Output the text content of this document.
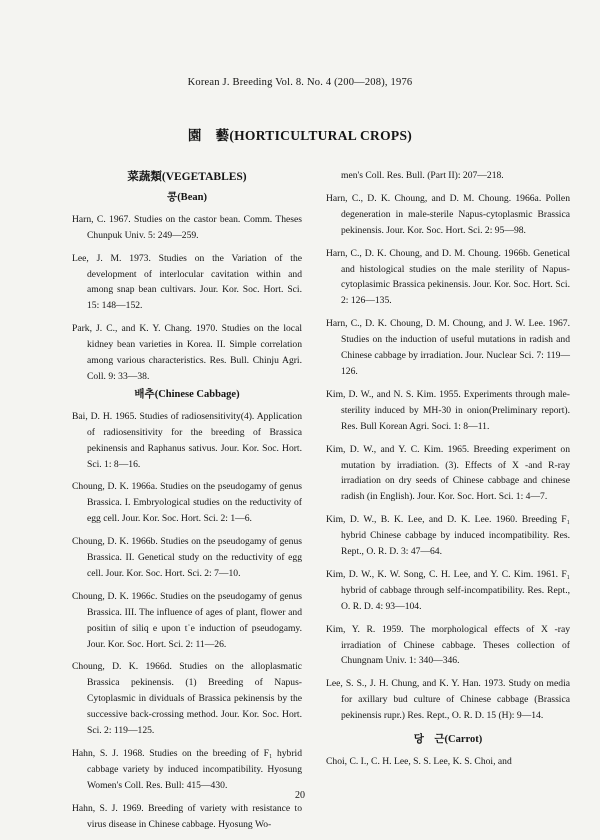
Korean J. Breeding Vol. 8. No. 4 (200—208), 1976
園　藝(HORTICULTURAL CROPS)
菜蔬類(VEGETABLES)
콩(Bean)
Harn, C. 1967. Studies on the castor bean. Comm. Theses Chunpuk Univ. 5: 249—259.
Lee, J. M. 1973. Studies on the Variation of the development of interlocular cavitation within and among snap bean cultivars. Jour. Kor. Soc. Hort. Sci. 15: 148—152.
Park, J. C., and K. Y. Chang. 1970. Studies on the local kidney bean varieties in Korea. II. Simple correlation among various characteristics. Res. Bull. Chinju Agri. Coll. 9: 33—38.
배추(Chinese Cabbage)
Bai, D. H. 1965. Studies of radiosensitivity(4). Application of radiosensitivity for the breeding of Brassica pekinensis and Raphanus sativus. Jour. Kor. Soc. Hort. Sci. 1: 8—16.
Choung, D. K. 1966a. Studies on the pseudogamy of genus Brassica. I. Embryological studies on the reductivity of egg cell. Jour. Kor. Soc. Hort. Sci. 2: 1—6.
Choung, D. K. 1966b. Studies on the pseudogamy of genus Brassica. II. Genetical study on the reductivity of egg cell. Jour. Kor. Soc. Hort. Sci. 2: 7—10.
Choung, D. K. 1966c. Studies on the pseudogamy of genus Brassica. III. The influence of ages of plant, flower and positiın of siliq e upon tʿe induction of pseudogamy. Jour. Kor. Soc. Hort. Sci. 2: 11—26.
Choung, D. K. 1966d. Studies on the alloplasmatic Brassica pekinensis. (1) Breeding of Napus-Cytoplasmic in dividuals of Brassica pekinensis by the successive back-crossing method. Jour. Kor. Soc. Hort. Sci. 2: 119—125.
Hahn, S. J. 1968. Studies on the breeding of F₁ hybrid cabbage variety by induced incompatibility. Hyosung Women's Coll. Res. Bull: 415—430.
Hahn, S. J. 1969. Breeding of variety with resistance to virus disease in Chinese cabbage. Hyosung Wo-
men's Coll. Res. Bull. (Part II): 207—218.
Harn, C., D. K. Choung, and D. M. Choung. 1966a. Pollen degeneration in male-sterile Napus-cytoplasmic Brassica pekinensis. Jour. Kor. Soc. Hort. Sci. 2: 95—98.
Harn, C., D. K. Choung, and D. M. Choung. 1966b. Genetical and histological studies on the male sterility of Napus-cytoplasimic Brassica pekinensis. Jour. Kor. Soc. Hort. Sci. 2: 126—135.
Harn, C., D. K. Choung, D. M. Choung, and J. W. Lee. 1967. Studies on the induction of useful mutations in radish and Chinese cabbage by irradiation. Jour. Nuclear Sci. 7: 119—126.
Kim, D. W., and N. S. Kim. 1955. Experiments through male-sterility induced by MH-30 in onion(Preliminary report). Res. Bull Korean Agri. Soci. 1: 8—11.
Kim, D. W., and Y. C. Kim. 1965. Breeding experiment on mutation by irradiation. (3). Effects of X -and R-ray irradiation on dry seeds of Chinese cabbage and chinese radish (in English). Jour. Kor. Soc. Hort. Sci. 1: 4—7.
Kim, D. W., B. K. Lee, and D. K. Lee. 1960. Breeding F₁ hybrid Chinese cabbage by induced incompatibility. Res. Rept., O. R. D. 3: 47—64.
Kim, D. W., K. W. Song, C. H. Lee, and Y. C. Kim. 1961. F₁ hybrid of cabbage through self-incompatibility. Res. Rept., O. R. D. 4: 93—104.
Kim, Y. R. 1959. The morphological effects of X -ray irradiation of Chinese cabbage. Theses collection of Chungnam Univ. 1: 340—346.
Lee, S. S., J. H. Chung, and K. Y. Han. 1973. Study on media for axillary bud culture of Chinese cabbage (Brassica pekinensis rupr.) Res. Rept., O. R. D. 15 (H): 9—14.
당　근(Carrot)
Choi, C. I., C. H. Lee, S. S. Lee, K. S. Choi, and
20
